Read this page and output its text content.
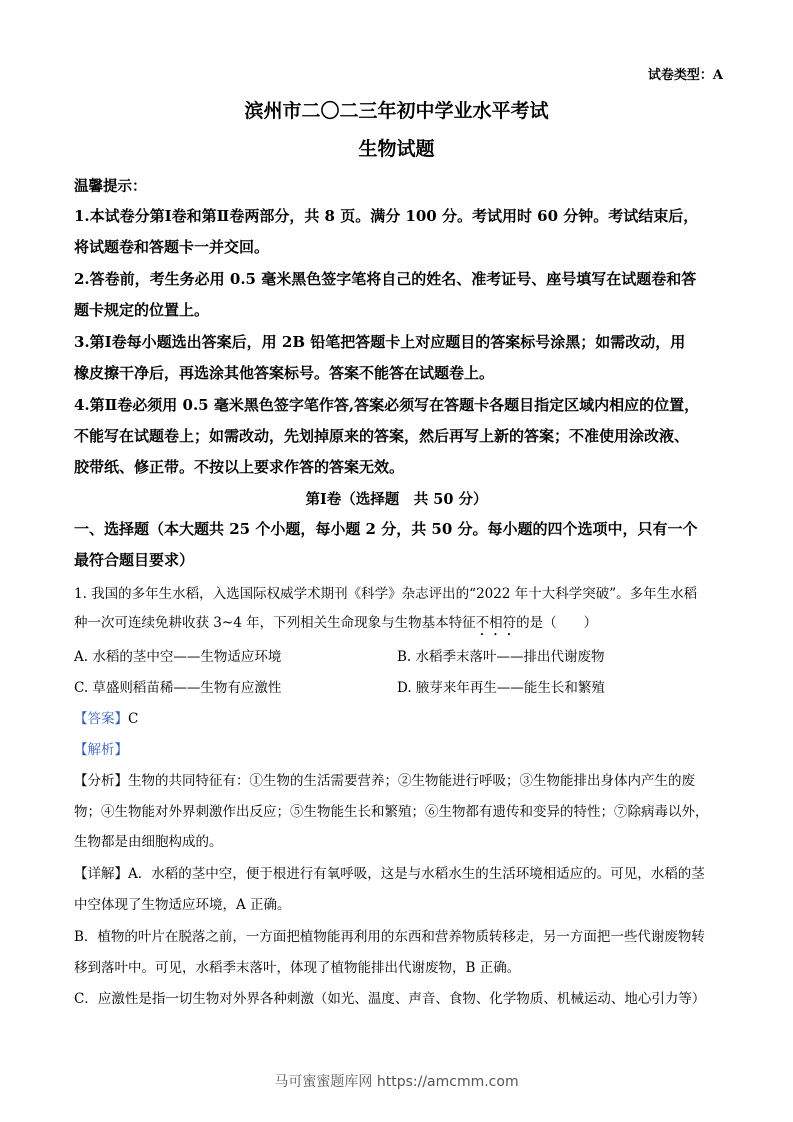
试卷类型：A
滨州市二〇二三年初中学业水平考试
生物试题
温馨提示：
1.本试卷分第Ⅰ卷和第Ⅱ卷两部分，共 8 页。满分 100 分。考试用时 60 分钟。考试结束后，
将试题卷和答题卡一并交回。
2.答卷前，考生务必用 0.5 毫米黑色签字笔将自己的姓名、准考证号、座号填写在试题卷和答
题卡规定的位置上。
3.第Ⅰ卷每小题选出答案后，用 2B 铅笔把答题卡上对应题目的答案标号涂黑；如需改动，用
橡皮擦干净后，再选涂其他答案标号。答案不能答在试题卷上。
4.第Ⅱ卷必须用 0.5 毫米黑色签字笔作答,答案必须写在答题卡各题目指定区域内相应的位置，
不能写在试题卷上；如需改动，先划掉原来的答案，然后再写上新的答案；不准使用涂改液、
胶带纸、修正带。不按以上要求作答的答案无效。
第Ⅰ卷（选择题　共 50 分）
一、选择题（本大题共 25 个小题，每小题 2 分，共 50 分。每小题的四个选项中，只有一个
最符合题目要求）
1. 我国的多年生水稻，入选国际权威学术期刊《科学》杂志评出的“2022 年十大科学突破”。多年生水稻
种一次可连续免耕收获 3~4 年，下列相关生命现象与生物基本特征不相符的是（　　）
A. 水稻的茎中空——生物适应环境	B. 水稻季末落叶——排出代谢废物
C. 草盛则稻苗稀——生物有应激性	D. 腋芽来年再生——能生长和繁殖
【答案】C
【解析】
【分析】生物的共同特征有：①生物的生活需要营养；②生物能进行呼吸；③生物能排出身体内产生的废
物；④生物能对外界刺激作出反应；⑤生物能生长和繁殖；⑥生物都有遗传和变异的特性；⑦除病毒以外，
生物都是由细胞构成的。
【详解】A．水稻的茎中空，便于根进行有氧呼吸，这是与水稻水生的生活环境相适应的。可见，水稻的茎
中空体现了生物适应环境，A 正确。
B．植物的叶片在脱落之前，一方面把植物能再利用的东西和营养物质转移走，另一方面把一些代谢废物转
移到落叶中。可见，水稻季末落叶，体现了植物能排出代谢废物，B 正确。
C．应激性是指一切生物对外界各种刺激（如光、温度、声音、食物、化学物质、机械运动、地心引力等）
马可蜜蜜题库网 https://amcmm.com
